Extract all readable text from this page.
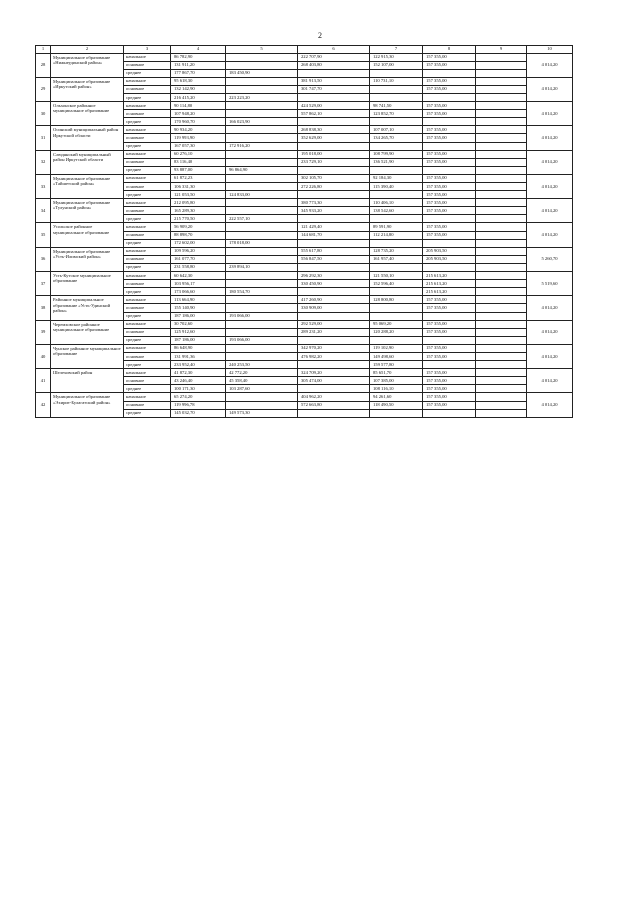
2
1	2	3	4	5	6	7	8	9	10
28	Муниципальное образование «Нижнеудинский район»	начальное	86 782,90		222 707,90	122 915,30	157 355,00		4 014,20
		основное	131 911,20		268 403,80	152 107,00	157 355,00		
		среднее	177 867,70	183 450,90					
29	Муниципальное образование «Иркутский район»	начальное	95 618,30		381 913,50	110 731,10	157 355,00		4 014,20
		основное	132 142,90		301 747,70		157 355,00		
		среднее	216 415,20	223 223,20					
30	Ольхонское районное муниципальное образование	начальное	90 114,80		424 529,00	98 741,50	157 355,00		4 014,20
		основное	107 948,20		557 862,10	123 852,70	157 355,00		
		среднее	170 960,70	166 023,90					
31	Осинский муниципальный район Иркутской области	начальное	90 934,20		268 838,30	107 007,10	157 355,00		4 014,20
		основное	119 993,90		352 629,00	134 265,70	157 355,00		
		среднее	167 057,30	172 916,20					
32	Слюдянский муниципальный район Иркутской области	начальное	60 276,10		195 018,00	108 799,90	157 355,00		4 014,20
		основное	83 116,40		233 729,10	136 521,90	157 355,00		
		среднее	93 887,00	96 864,90					
33	Муниципальное образование «Тайшетский район»	начальное	61 872,23		302 105,70	92 184,30	157 355,00		4 014,20
		основное	106 331,30		272 226,80	115 390,40	157 355,00		
		среднее	121 053,50	124 833,00			157 355,00		
34	Муниципальное образование «Тулунский район»	начальное	212 095,80		380 773,30	110 406,10	157 355,00		4 014,20
		основное	165 289,30		345 933,20	138 542,60	157 355,00		
		среднее	215 770,50	222 557,10					
35	Усольское районное муниципальное образование	начальное	56 909,20		121 429,40	89 591,90	157 355,00		4 014,20
		основное	88 898,70		144 681,70	112 214,80	157 355,00		
		среднее	172 602,00	178 018,00					
36	Муниципальное образование «Усть-Илимский район»	начальное	109 596,20		555 617,80	128 735,20	205 903,50		5 260,70
		основное	161 077,70		556 847,50	161 957,40	205 903,50		
		среднее	231 558,80	239 894,10					
37	Усть-Кутское муниципальное образование	начальное	60 642,30		296 292,30	121 550,10	215 613,20		5 519,60
		основное	103 956,17		330 450,90	152 596,40	215 613,20		
		среднее	173 066,60	180 554,70			215 613,20		
38	Районное муниципальное образование «Усть-Удинский район»	начальное	113 664,90		417 260,90	128 800,80	157 355,00		4 014,20
		основное	155 140,90		330 909,00		157 355,00		
		среднее	187 186,00	193 066,00					
39	Черемховское районное муниципальное образование	начальное	30 702,60		292 529,00	95 069,20	157 355,00		4 014,20
		основное	125 912,60		289 231,20	120 288,20	157 355,00		
		среднее	187 186,00	193 066,00					
40	Чунское районное муниципальное образование	начальное	86 648,90		342 970,20	119 102,90	157 355,00		4 014,20
		основное	131 991,36		476 982,20	149 498,60	157 355,00		
		среднее	233 952,40	240 253,50		159 577,80			
41	Шелеховский район	начальное	41 872,30	42 772,20	324 709,20	85 651,70	157 355,00		4 014,20
		основное	43 246,40	45 358,40	305 474,00	107 385,00	157 355,00		
		среднее	100 171,30	103 287,60		108 116,10	157 355,00		
42	Муниципальное образование «Эхирит-Булагатский район»	начальное	65 274,20		404 962,20	94 261,60	157 355,00		4 014,20
		основное	119 996,78		572 663,80	118 490,50	157 355,00		
		среднее	145 032,70	149 573,30					
